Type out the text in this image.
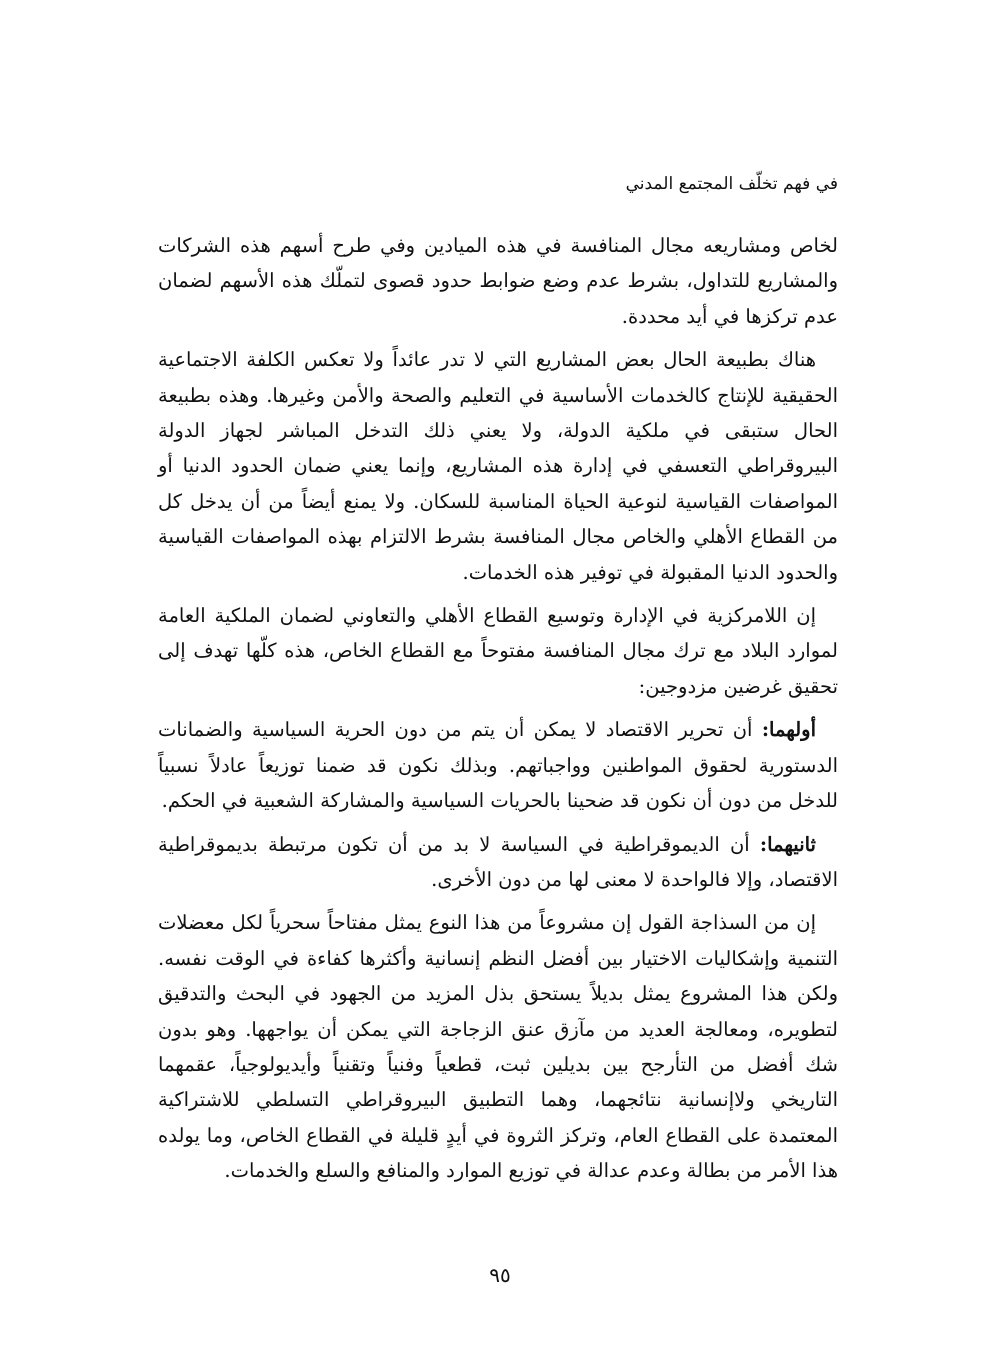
في فهم تخلّف المجتمع المدني

لخاص ومشاريعه مجال المنافسة في هذه الميادين وفي طرح أسهم هذه الشركات والمشاريع للتداول، بشرط عدم وضع ضوابط حدود قصوى لتملّك هذه الأسهم لضمان عدم تركزها في أيد محددة.

هناك بطبيعة الحال بعض المشاريع التي لا تدر عائداً ولا تعكس الكلفة الاجتماعية الحقيقية للإنتاج كالخدمات الأساسية في التعليم والصحة والأمن وغيرها. وهذه بطبيعة الحال ستبقى في ملكية الدولة، ولا يعني ذلك التدخل المباشر لجهاز الدولة البيروقراطي التعسفي في إدارة هذه المشاريع، وإنما يعني ضمان الحدود الدنيا أو المواصفات القياسية لنوعية الحياة المناسبة للسكان. ولا يمنع أيضاً من أن يدخل كل من القطاع الأهلي والخاص مجال المنافسة بشرط الالتزام بهذه المواصفات القياسية والحدود الدنيا المقبولة في توفير هذه الخدمات.

إن اللامركزية في الإدارة وتوسيع القطاع الأهلي والتعاوني لضمان الملكية العامة لموارد البلاد مع ترك مجال المنافسة مفتوحاً مع القطاع الخاص، هذه كلّها تهدف إلى تحقيق غرضين مزدوجين:

أولهما: أن تحرير الاقتصاد لا يمكن أن يتم من دون الحرية السياسية والضمانات الدستورية لحقوق المواطنين وواجباتهم. وبذلك نكون قد ضمنا توزيعاً عادلاً نسبياً للدخل من دون أن نكون قد ضحينا بالحريات السياسية والمشاركة الشعبية في الحكم.

ثانيهما: أن الديموقراطية في السياسة لا بد من أن تكون مرتبطة بديموقراطية الاقتصاد، وإلا فالواحدة لا معنى لها من دون الأخرى.

إن من السذاجة القول إن مشروعاً من هذا النوع يمثل مفتاحاً سحرياً لكل معضلات التنمية وإشكاليات الاختيار بين أفضل النظم إنسانية وأكثرها كفاءة في الوقت نفسه. ولكن هذا المشروع يمثل بديلاً يستحق بذل المزيد من الجهود في البحث والتدقيق لتطويره، ومعالجة العديد من مآزق عنق الزجاجة التي يمكن أن يواجهها. وهو بدون شك أفضل من التأرجح بين بديلين ثبت، قطعياً وفنياً وتقنياً وأيديولوجياً، عقمهما التاريخي ولاإنسانية نتائجهما، وهما التطبيق البيروقراطي التسلطي للاشتراكية المعتمدة على القطاع العام، وتركز الثروة في أيدٍ قليلة في القطاع الخاص، وما يولده هذا الأمر من بطالة وعدم عدالة في توزيع الموارد والمنافع والسلع والخدمات.

٩٥
